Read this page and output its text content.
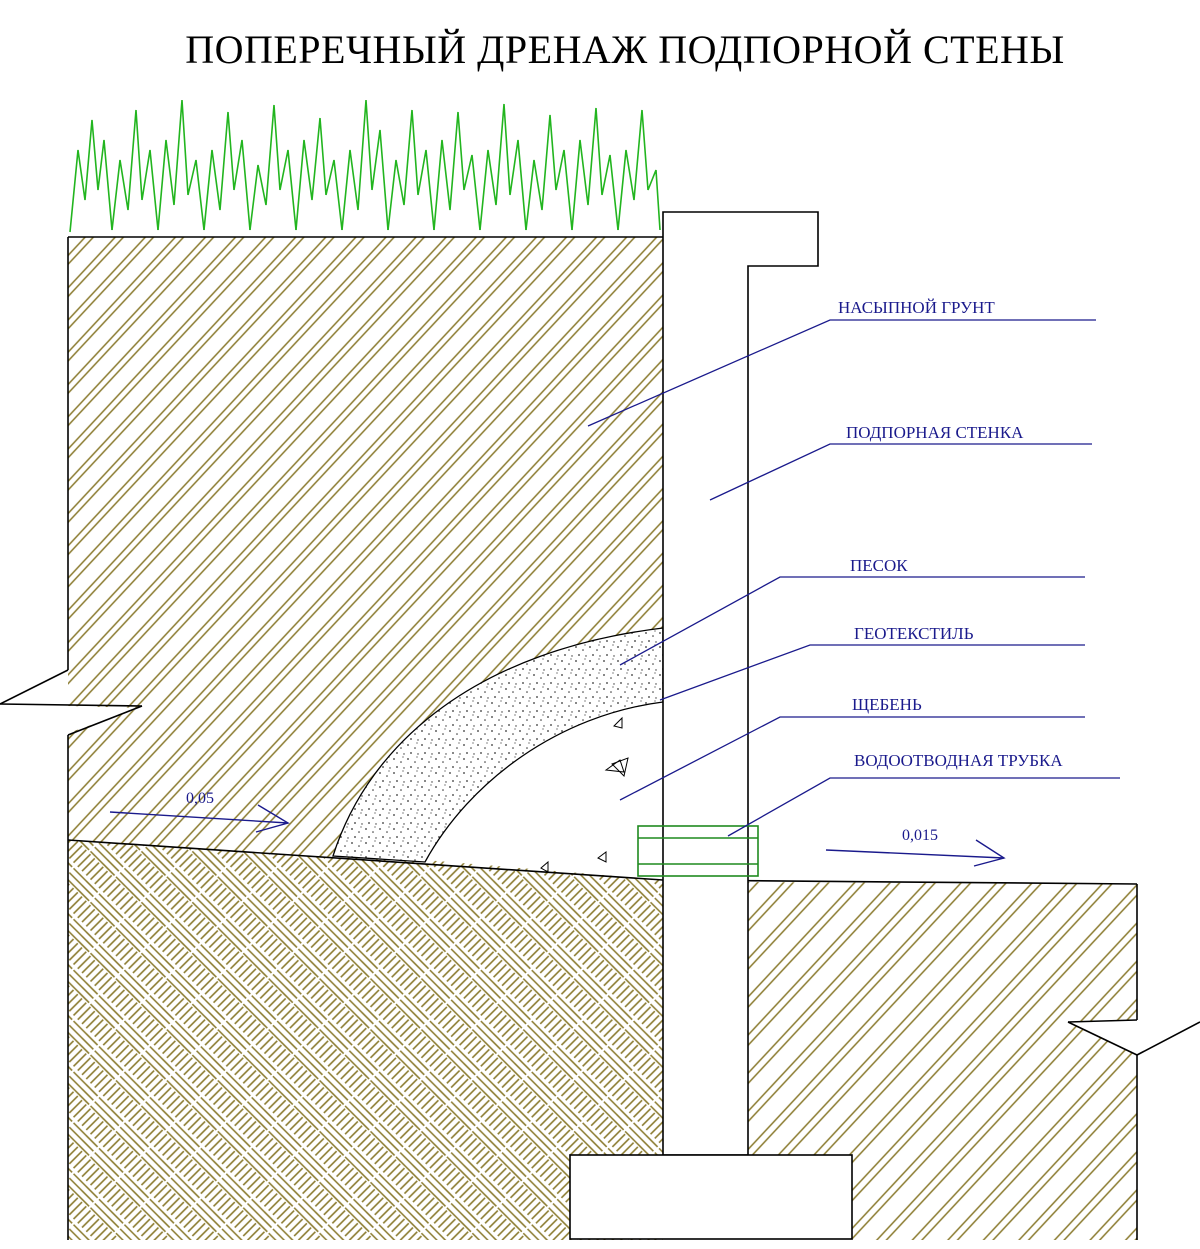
ПОПЕРЕЧНЫЙ ДРЕНАЖ ПОДПОРНОЙ СТЕНЫ
НАСЫПНОЙ ГРУНТ
ПОДПОРНАЯ СТЕНКА
ПЕСОК
ГЕОТЕКСТИЛЬ
ЩЕБЕНЬ
ВОДООТВОДНАЯ ТРУБКА
0,05
0,015
